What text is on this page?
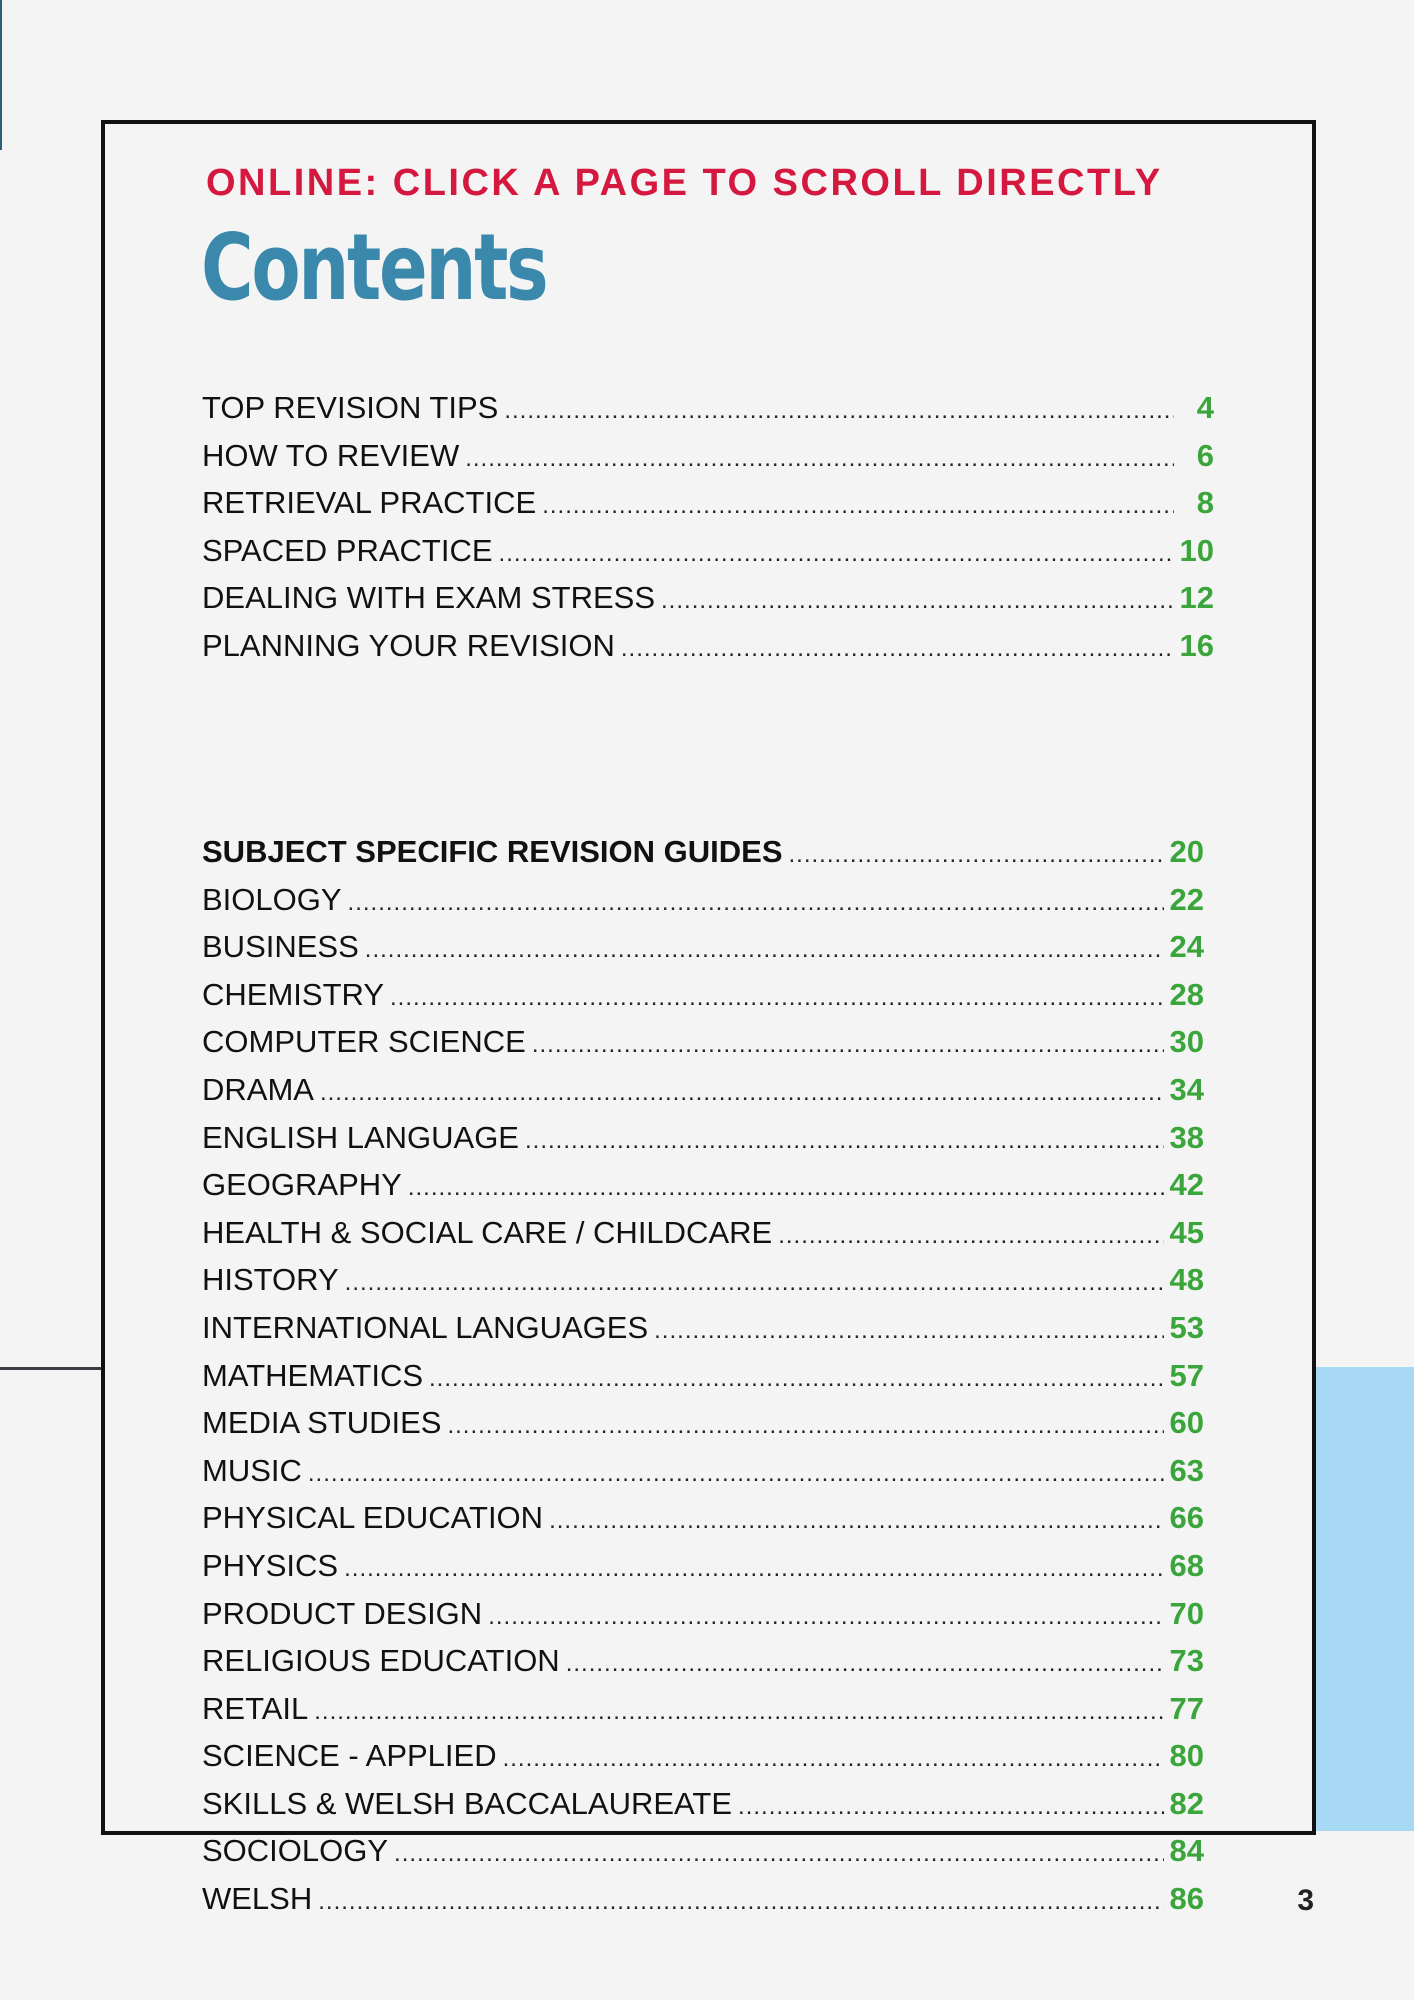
ONLINE: CLICK A PAGE TO SCROLL DIRECTLY

Contents
TOP REVISION TIPS .....	4
HOW TO REVIEW .....	6
RETRIEVAL PRACTICE .....	8
SPACED PRACTICE .....	10
DEALING WITH EXAM STRESS .....	12
PLANNING YOUR REVISION .....	16
SUBJECT SPECIFIC REVISION GUIDES .....	20
BIOLOGY .....	22
BUSINESS .....	24
CHEMISTRY .....	28
COMPUTER SCIENCE .....	30
DRAMA .....	34
ENGLISH LANGUAGE .....	38
GEOGRAPHY .....	42
HEALTH & SOCIAL CARE / CHILDCARE .....	45
HISTORY .....	48
INTERNATIONAL LANGUAGES .....	53
MATHEMATICS .....	57
MEDIA STUDIES .....	60
MUSIC .....	63
PHYSICAL EDUCATION .....	66
PHYSICS .....	68
PRODUCT DESIGN .....	70
RELIGIOUS EDUCATION .....	73
RETAIL .....	77
SCIENCE - APPLIED .....	80
SKILLS & WELSH BACCALAUREATE .....	82
SOCIOLOGY .....	84
WELSH .....	86	3
